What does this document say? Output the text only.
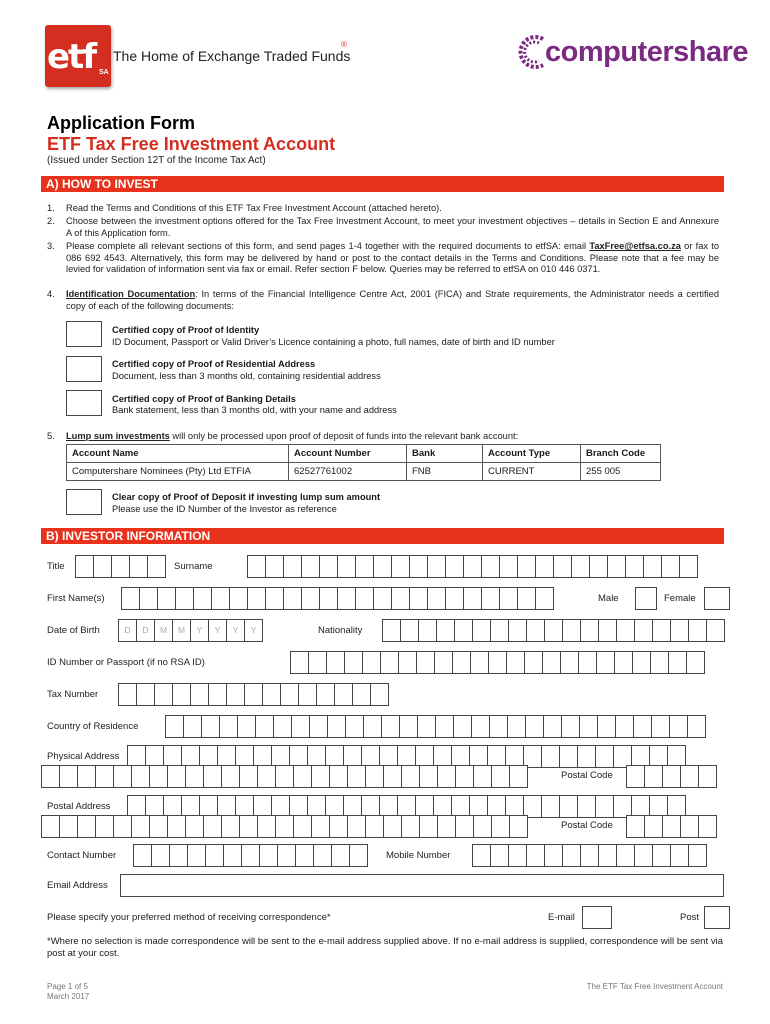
etf SA
The Home of Exchange Traded Funds
®	computershare
Application Form
ETF Tax Free Investment Account
(Issued under Section 12T of the Income Tax Act)
A) HOW TO INVEST
1. Read the Terms and Conditions of this ETF Tax Free Investment Account (attached hereto).
2. Choose between the investment options offered for the Tax Free Investment Account, to meet your investment objectives – details in Section E and Annexure A of this Application form.
3. Please complete all relevant sections of this form, and send pages 1-4 together with the required documents to etfSA: email TaxFree@etfsa.co.za or fax to 086 692 4543. Alternatively, this form may be delivered by hand or post to the contact details in the Terms and Conditions. Please note that a fee may be levied for validation of information sent via fax or email. Refer section F below. Queries may be referred to etfSA on 010 446 0371.
4. Identification Documentation: In terms of the Financial Intelligence Centre Act, 2001 (FICA) and Strate requirements, the Administrator needs a certified copy of each of the following documents:
Certified copy of Proof of Identity
ID Document, Passport or Valid Driver’s Licence containing a photo, full names, date of birth and ID number
Certified copy of Proof of Residential Address
Document, less than 3 months old, containing residential address
Certified copy of Proof of Banking Details
Bank statement, less than 3 months old, with your name and address
5. Lump sum investments will only be processed upon proof of deposit of funds into the relevant bank account:
Account Name	Account Number	Bank	Account Type	Branch Code
Computershare Nominees (Pty) Ltd ETFIA	62527761002	FNB	CURRENT	255 005
Clear copy of Proof of Deposit if investing lump sum amount
Please use the ID Number of the Investor as reference
B) INVESTOR INFORMATION
Title	Surname
First Name(s)	Male	Female
Date of Birth	D	D	M	M	Y	Y	Y	Y	Nationality
ID Number or Passport (if no RSA ID)
Tax Number
Country of Residence
Physical Address
Postal Code
Postal Address
Postal Code
Contact Number	Mobile Number
Email Address
Please specify your preferred method of receiving correspondence*	E-mail	Post
*Where no selection is made correspondence will be sent to the e-mail address supplied above. If no e-mail address is supplied, correspondence will be sent via post at your cost.
Page 1 of 5
March 2017
The ETF Tax Free Investment Account
